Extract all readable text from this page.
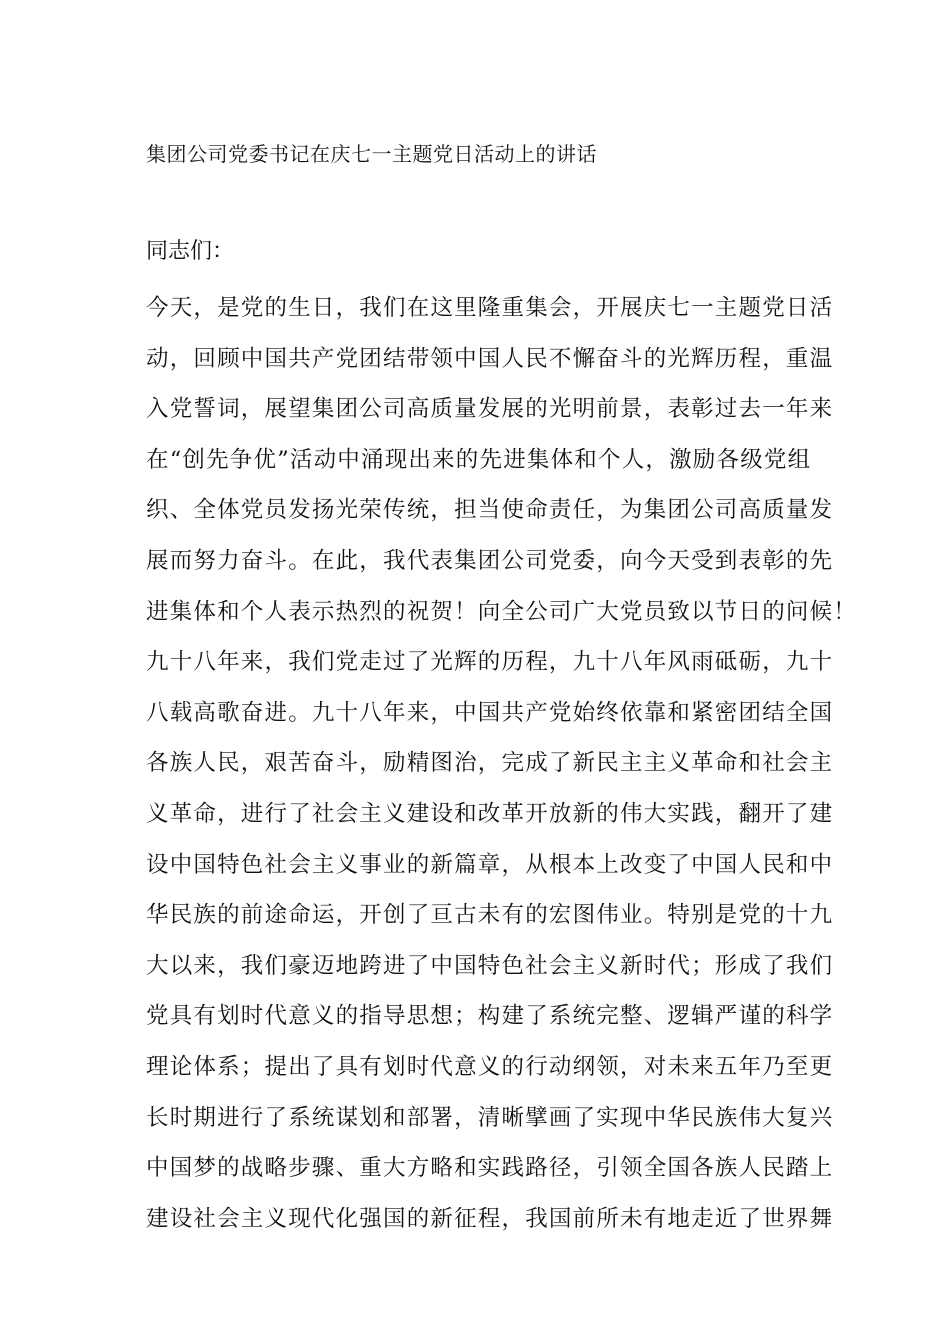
集团公司党委书记在庆七一主题党日活动上的讲话
同志们：
今天，是党的生日，我们在这里隆重集会，开展庆七一主题党日活
动，回顾中国共产党团结带领中国人民不懈奋斗的光辉历程，重温
入党誓词，展望集团公司高质量发展的光明前景，表彰过去一年来
在“创先争优”活动中涌现出来的先进集体和个人，激励各级党组
织、全体党员发扬光荣传统，担当使命责任，为集团公司高质量发
展而努力奋斗。在此，我代表集团公司党委，向今天受到表彰的先
进集体和个人表示热烈的祝贺！向全公司广大党员致以节日的问候！
九十八年来，我们党走过了光辉的历程，九十八年风雨砥砺，九十
八载高歌奋进。九十八年来，中国共产党始终依靠和紧密团结全国
各族人民，艰苦奋斗，励精图治，完成了新民主主义革命和社会主
义革命，进行了社会主义建设和改革开放新的伟大实践，翻开了建
设中国特色社会主义事业的新篇章，从根本上改变了中国人民和中
华民族的前途命运，开创了亘古未有的宏图伟业。特别是党的十九
大以来，我们豪迈地跨进了中国特色社会主义新时代；形成了我们
党具有划时代意义的指导思想；构建了系统完整、逻辑严谨的科学
理论体系；提出了具有划时代意义的行动纲领，对未来五年乃至更
长时期进行了系统谋划和部署，清晰擘画了实现中华民族伟大复兴
中国梦的战略步骤、重大方略和实践路径，引领全国各族人民踏上
建设社会主义现代化强国的新征程，我国前所未有地走近了世界舞
